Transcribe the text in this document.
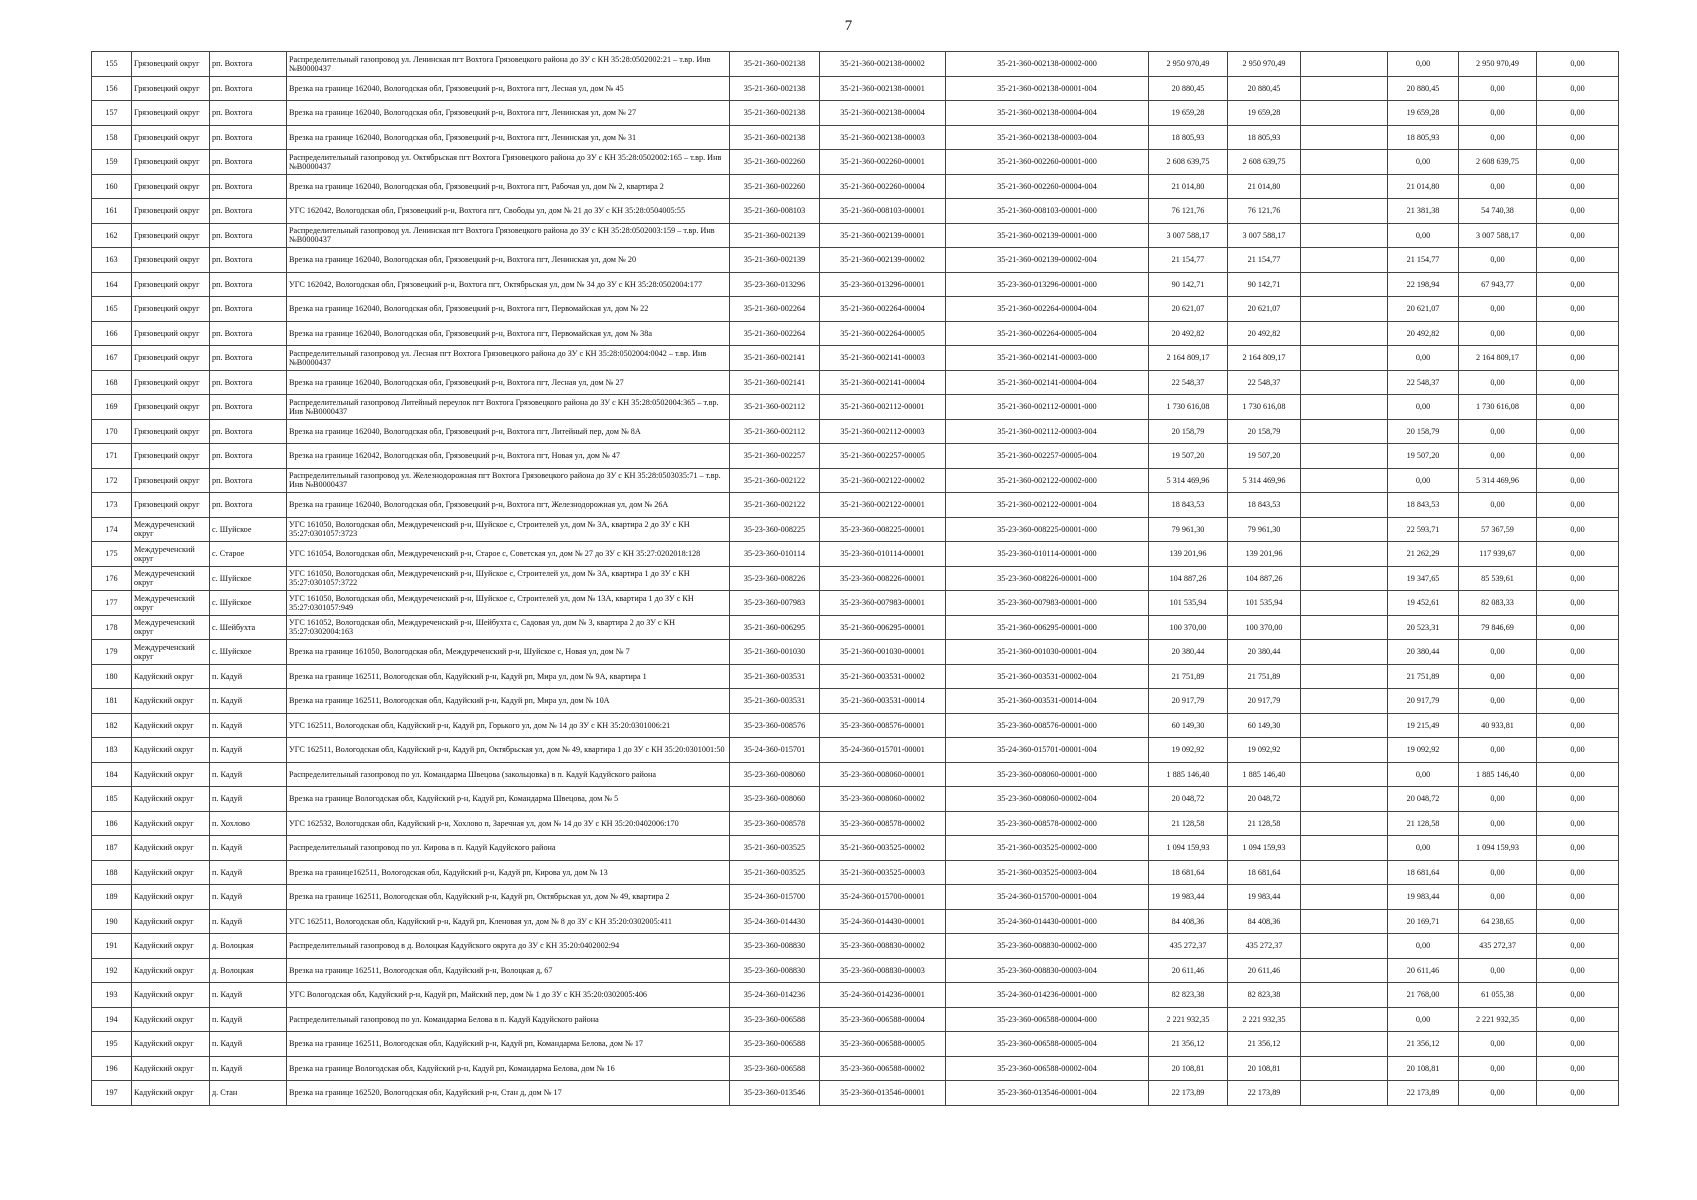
7
155	Грязовецкий округ	рп. Вохтога	Распределительный газопровод ул. Ленинская пгт Вохтога Грязовецкого района до ЗУ с КН 35:28:0502002:21 – т.вр. Инв №В0000437	35-21-360-002138	35-21-360-002138-00002	35-21-360-002138-00002-000	2 950 970,49	2 950 970,49		0,00	2 950 970,49	0,00
156	Грязовецкий округ	рп. Вохтога	Врезка на границе 162040, Вологодская обл, Грязовецкий р-н, Вохтога пгт, Лесная ул, дом № 45	35-21-360-002138	35-21-360-002138-00001	35-21-360-002138-00001-004	20 880,45	20 880,45		20 880,45	0,00	0,00
157	Грязовецкий округ	рп. Вохтога	Врезка на границе 162040, Вологодская обл, Грязовецкий р-н, Вохтога пгт, Ленинская ул, дом № 27	35-21-360-002138	35-21-360-002138-00004	35-21-360-002138-00004-004	19 659,28	19 659,28		19 659,28	0,00	0,00
158	Грязовецкий округ	рп. Вохтога	Врезка на границе 162040, Вологодская обл, Грязовецкий р-н, Вохтога пгт, Ленинская ул, дом № 31	35-21-360-002138	35-21-360-002138-00003	35-21-360-002138-00003-004	18 805,93	18 805,93		18 805,93	0,00	0,00
159	Грязовецкий округ	рп. Вохтога	Распределительный газопровод ул. Октябрьская пгт Вохтога Грязовецкого района до ЗУ с КН 35:28:0502002:165 – т.вр. Инв №В0000437	35-21-360-002260	35-21-360-002260-00001	35-21-360-002260-00001-000	2 608 639,75	2 608 639,75		0,00	2 608 639,75	0,00
160	Грязовецкий округ	рп. Вохтога	Врезка на границе 162040, Вологодская обл, Грязовецкий р-н, Вохтога пгт, Рабочая ул, дом № 2, квартира 2	35-21-360-002260	35-21-360-002260-00004	35-21-360-002260-00004-004	21 014,80	21 014,80		21 014,80	0,00	0,00
161	Грязовецкий округ	рп. Вохтога	УГС 162042, Вологодская обл, Грязовецкий р-н, Вохтога пгт, Свободы ул, дом № 21 до ЗУ с КН 35:28:0504005:55	35-21-360-008103	35-21-360-008103-00001	35-21-360-008103-00001-000	76 121,76	76 121,76		21 381,38	54 740,38	0,00
162	Грязовецкий округ	рп. Вохтога	Распределительный газопровод ул. Ленинская пгт Вохтога Грязовецкого района до ЗУ с КН 35:28:0502003:159 – т.вр. Инв №В0000437	35-21-360-002139	35-21-360-002139-00001	35-21-360-002139-00001-000	3 007 588,17	3 007 588,17		0,00	3 007 588,17	0,00
163	Грязовецкий округ	рп. Вохтога	Врезка на границе 162040, Вологодская обл, Грязовецкий р-н, Вохтога пгт, Ленинская ул, дом № 20	35-21-360-002139	35-21-360-002139-00002	35-21-360-002139-00002-004	21 154,77	21 154,77		21 154,77	0,00	0,00
164	Грязовецкий округ	рп. Вохтога	УГС 162042, Вологодская обл, Грязовецкий р-н, Вохтога пгт, Октябрьская ул, дом № 34 до ЗУ с КН 35:28:0502004:177	35-23-360-013296	35-23-360-013296-00001	35-23-360-013296-00001-000	90 142,71	90 142,71		22 198,94	67 943,77	0,00
165	Грязовецкий округ	рп. Вохтога	Врезка на границе 162040, Вологодская обл, Грязовецкий р-н, Вохтога пгт, Первомайская ул, дом № 22	35-21-360-002264	35-21-360-002264-00004	35-21-360-002264-00004-004	20 621,07	20 621,07		20 621,07	0,00	0,00
166	Грязовецкий округ	рп. Вохтога	Врезка на границе 162040, Вологодская обл, Грязовецкий р-н, Вохтога пгт, Первомайская ул, дом № 38а	35-21-360-002264	35-21-360-002264-00005	35-21-360-002264-00005-004	20 492,82	20 492,82		20 492,82	0,00	0,00
167	Грязовецкий округ	рп. Вохтога	Распределительный газопровод ул. Лесная пгт Вохтога Грязовецкого района до ЗУ с КН 35:28:0502004:0042 – т.вр. Инв №В0000437	35-21-360-002141	35-21-360-002141-00003	35-21-360-002141-00003-000	2 164 809,17	2 164 809,17		0,00	2 164 809,17	0,00
168	Грязовецкий округ	рп. Вохтога	Врезка на границе 162040, Вологодская обл, Грязовецкий р-н, Вохтога пгт, Лесная ул, дом № 27	35-21-360-002141	35-21-360-002141-00004	35-21-360-002141-00004-004	22 548,37	22 548,37		22 548,37	0,00	0,00
169	Грязовецкий округ	рп. Вохтога	Распределительный газопровод Литейный переулок пгт Вохтога Грязовецкого района до ЗУ с КН 35:28:0502004:365 – т.вр. Инв №В0000437	35-21-360-002112	35-21-360-002112-00001	35-21-360-002112-00001-000	1 730 616,08	1 730 616,08		0,00	1 730 616,08	0,00
170	Грязовецкий округ	рп. Вохтога	Врезка на границе 162040, Вологодская обл, Грязовецкий р-н, Вохтога пгт, Литейный пер, дом № 8А	35-21-360-002112	35-21-360-002112-00003	35-21-360-002112-00003-004	20 158,79	20 158,79		20 158,79	0,00	0,00
171	Грязовецкий округ	рп. Вохтога	Врезка на границе 162042, Вологодская обл, Грязовецкий р-н, Вохтога пгт, Новая ул, дом № 47	35-21-360-002257	35-21-360-002257-00005	35-21-360-002257-00005-004	19 507,20	19 507,20		19 507,20	0,00	0,00
172	Грязовецкий округ	рп. Вохтога	Распределительный газопровод ул. Железнодорожная пгт Вохтога Грязовецкого района до ЗУ с КН 35:28:0503035:71 – т.вр. Инв №В0000437	35-21-360-002122	35-21-360-002122-00002	35-21-360-002122-00002-000	5 314 469,96	5 314 469,96		0,00	5 314 469,96	0,00
173	Грязовецкий округ	рп. Вохтога	Врезка на границе 162040, Вологодская обл, Грязовецкий р-н, Вохтога пгт, Железнодорожная ул, дом № 26А	35-21-360-002122	35-21-360-002122-00001	35-21-360-002122-00001-004	18 843,53	18 843,53		18 843,53	0,00	0,00
174	Междуреченский округ	с. Шуйское	УГС 161050, Вологодская обл, Междуреченский р-н, Шуйское с, Строителей ул, дом № 3А, квартира 2 до ЗУ с КН 35:27:0301057:3723	35-23-360-008225	35-23-360-008225-00001	35-23-360-008225-00001-000	79 961,30	79 961,30		22 593,71	57 367,59	0,00
175	Междуреченский округ	с. Старое	УГС 161054, Вологодская обл, Междуреченский р-н, Старое с, Советская ул, дом № 27 до ЗУ с КН 35:27:0202018:128	35-23-360-010114	35-23-360-010114-00001	35-23-360-010114-00001-000	139 201,96	139 201,96		21 262,29	117 939,67	0,00
176	Междуреченский округ	с. Шуйское	УГС 161050, Вологодская обл, Междуреченский р-н, Шуйское с, Строителей ул, дом № 3А, квартира 1 до ЗУ с КН 35:27:0301057:3722	35-23-360-008226	35-23-360-008226-00001	35-23-360-008226-00001-000	104 887,26	104 887,26		19 347,65	85 539,61	0,00
177	Междуреченский округ	с. Шуйское	УГС 161050, Вологодская обл, Междуреченский р-н, Шуйское с, Строителей ул, дом № 13А, квартира 1 до ЗУ с КН 35:27:0301057:949	35-23-360-007983	35-23-360-007983-00001	35-23-360-007983-00001-000	101 535,94	101 535,94		19 452,61	82 083,33	0,00
178	Междуреченский округ	с. Шейбухта	УГС 161052, Вологодская обл, Междуреченский р-н, Шейбухта с, Садовая ул, дом № 3, квартира 2 до ЗУ с КН 35:27:0302004:163	35-21-360-006295	35-21-360-006295-00001	35-21-360-006295-00001-000	100 370,00	100 370,00		20 523,31	79 846,69	0,00
179	Междуреченский округ	с. Шуйское	Врезка на границе 161050, Вологодская обл, Междуреченский р-н, Шуйское с, Новая ул, дом № 7	35-21-360-001030	35-21-360-001030-00001	35-21-360-001030-00001-004	20 380,44	20 380,44		20 380,44	0,00	0,00
180	Кадуйский округ	п. Кадуй	Врезка на границе 162511, Вологодская обл, Кадуйский р-н, Кадуй рп, Мира ул, дом № 9А, квартира 1	35-21-360-003531	35-21-360-003531-00002	35-21-360-003531-00002-004	21 751,89	21 751,89		21 751,89	0,00	0,00
181	Кадуйский округ	п. Кадуй	Врезка на границе 162511, Вологодская обл, Кадуйский р-н, Кадуй рп, Мира ул, дом № 10А	35-21-360-003531	35-21-360-003531-00014	35-21-360-003531-00014-004	20 917,79	20 917,79		20 917,79	0,00	0,00
182	Кадуйский округ	п. Кадуй	УГС 162511, Вологодская обл, Кадуйский р-н, Кадуй рп, Горького ул, дом № 14 до ЗУ с КН 35:20:0301006:21	35-23-360-008576	35-23-360-008576-00001	35-23-360-008576-00001-000	60 149,30	60 149,30		19 215,49	40 933,81	0,00
183	Кадуйский округ	п. Кадуй	УГС 162511, Вологодская обл, Кадуйский р-н, Кадуй рп, Октябрьская ул, дом № 49, квартира 1 до ЗУ с КН 35:20:0301001:50	35-24-360-015701	35-24-360-015701-00001	35-24-360-015701-00001-004	19 092,92	19 092,92		19 092,92	0,00	0,00
184	Кадуйский округ	п. Кадуй	Распределительный газопровод по ул. Командарма Швецова (закольцовка) в п. Кадуй Кадуйского района	35-23-360-008060	35-23-360-008060-00001	35-23-360-008060-00001-000	1 885 146,40	1 885 146,40		0,00	1 885 146,40	0,00
185	Кадуйский округ	п. Кадуй	Врезка на границе Вологодская обл, Кадуйский р-н, Кадуй рп, Командарма Швецова, дом № 5	35-23-360-008060	35-23-360-008060-00002	35-23-360-008060-00002-004	20 048,72	20 048,72		20 048,72	0,00	0,00
186	Кадуйский округ	п. Хохлово	УГС 162532, Вологодская обл, Кадуйский р-н, Хохлово п, Заречная ул, дом № 14 до ЗУ с КН 35:20:0402006:170	35-23-360-008578	35-23-360-008578-00002	35-23-360-008578-00002-000	21 128,58	21 128,58		21 128,58	0,00	0,00
187	Кадуйский округ	п. Кадуй	Распределительный газопровод по ул. Кирова в п. Кадуй Кадуйского района	35-21-360-003525	35-21-360-003525-00002	35-21-360-003525-00002-000	1 094 159,93	1 094 159,93		0,00	1 094 159,93	0,00
188	Кадуйский округ	п. Кадуй	Врезка на границе162511, Вологодская обл, Кадуйский р-н, Кадуй рп, Кирова ул, дом № 13	35-21-360-003525	35-21-360-003525-00003	35-21-360-003525-00003-004	18 681,64	18 681,64		18 681,64	0,00	0,00
189	Кадуйский округ	п. Кадуй	Врезка на границе 162511, Вологодская обл, Кадуйский р-н, Кадуй рп, Октябрьская ул, дом № 49, квартира 2	35-24-360-015700	35-24-360-015700-00001	35-24-360-015700-00001-004	19 983,44	19 983,44		19 983,44	0,00	0,00
190	Кадуйский округ	п. Кадуй	УГС 162511, Вологодская обл, Кадуйский р-н, Кадуй рп, Кленовая ул, дом № 8 до ЗУ с КН 35:20:0302005:411	35-24-360-014430	35-24-360-014430-00001	35-24-360-014430-00001-000	84 408,36	84 408,36		20 169,71	64 238,65	0,00
191	Кадуйский округ	д. Волоцкая	Распределительный газопровод в д. Волоцкая Кадуйского округа до ЗУ с КН 35:20:0402002:94	35-23-360-008830	35-23-360-008830-00002	35-23-360-008830-00002-000	435 272,37	435 272,37		0,00	435 272,37	0,00
192	Кадуйский округ	д. Волоцкая	Врезка на границе 162511, Вологодская обл, Кадуйский р-н, Волоцкая д, 67	35-23-360-008830	35-23-360-008830-00003	35-23-360-008830-00003-004	20 611,46	20 611,46		20 611,46	0,00	0,00
193	Кадуйский округ	п. Кадуй	УГС Вологодская обл, Кадуйский р-н, Кадуй рп, Майский пер, дом № 1 до ЗУ с КН 35:20:0302005:406	35-24-360-014236	35-24-360-014236-00001	35-24-360-014236-00001-000	82 823,38	82 823,38		21 768,00	61 055,38	0,00
194	Кадуйский округ	п. Кадуй	Распределительный газопровод по ул. Командарма Белова в п. Кадуй Кадуйского района	35-23-360-006588	35-23-360-006588-00004	35-23-360-006588-00004-000	2 221 932,35	2 221 932,35		0,00	2 221 932,35	0,00
195	Кадуйский округ	п. Кадуй	Врезка на границе 162511, Вологодская обл, Кадуйский р-н, Кадуй рп, Командарма Белова, дом № 17	35-23-360-006588	35-23-360-006588-00005	35-23-360-006588-00005-004	21 356,12	21 356,12		21 356,12	0,00	0,00
196	Кадуйский округ	п. Кадуй	Врезка на границе Вологодская обл, Кадуйский р-н, Кадуй рп, Командарма Белова, дом № 16	35-23-360-006588	35-23-360-006588-00002	35-23-360-006588-00002-004	20 108,81	20 108,81		20 108,81	0,00	0,00
197	Кадуйский округ	д. Стан	Врезка на границе 162520, Вологодская обл, Кадуйский р-н, Стан д, дом № 17	35-23-360-013546	35-23-360-013546-00001	35-23-360-013546-00001-004	22 173,89	22 173,89		22 173,89	0,00	0,00
